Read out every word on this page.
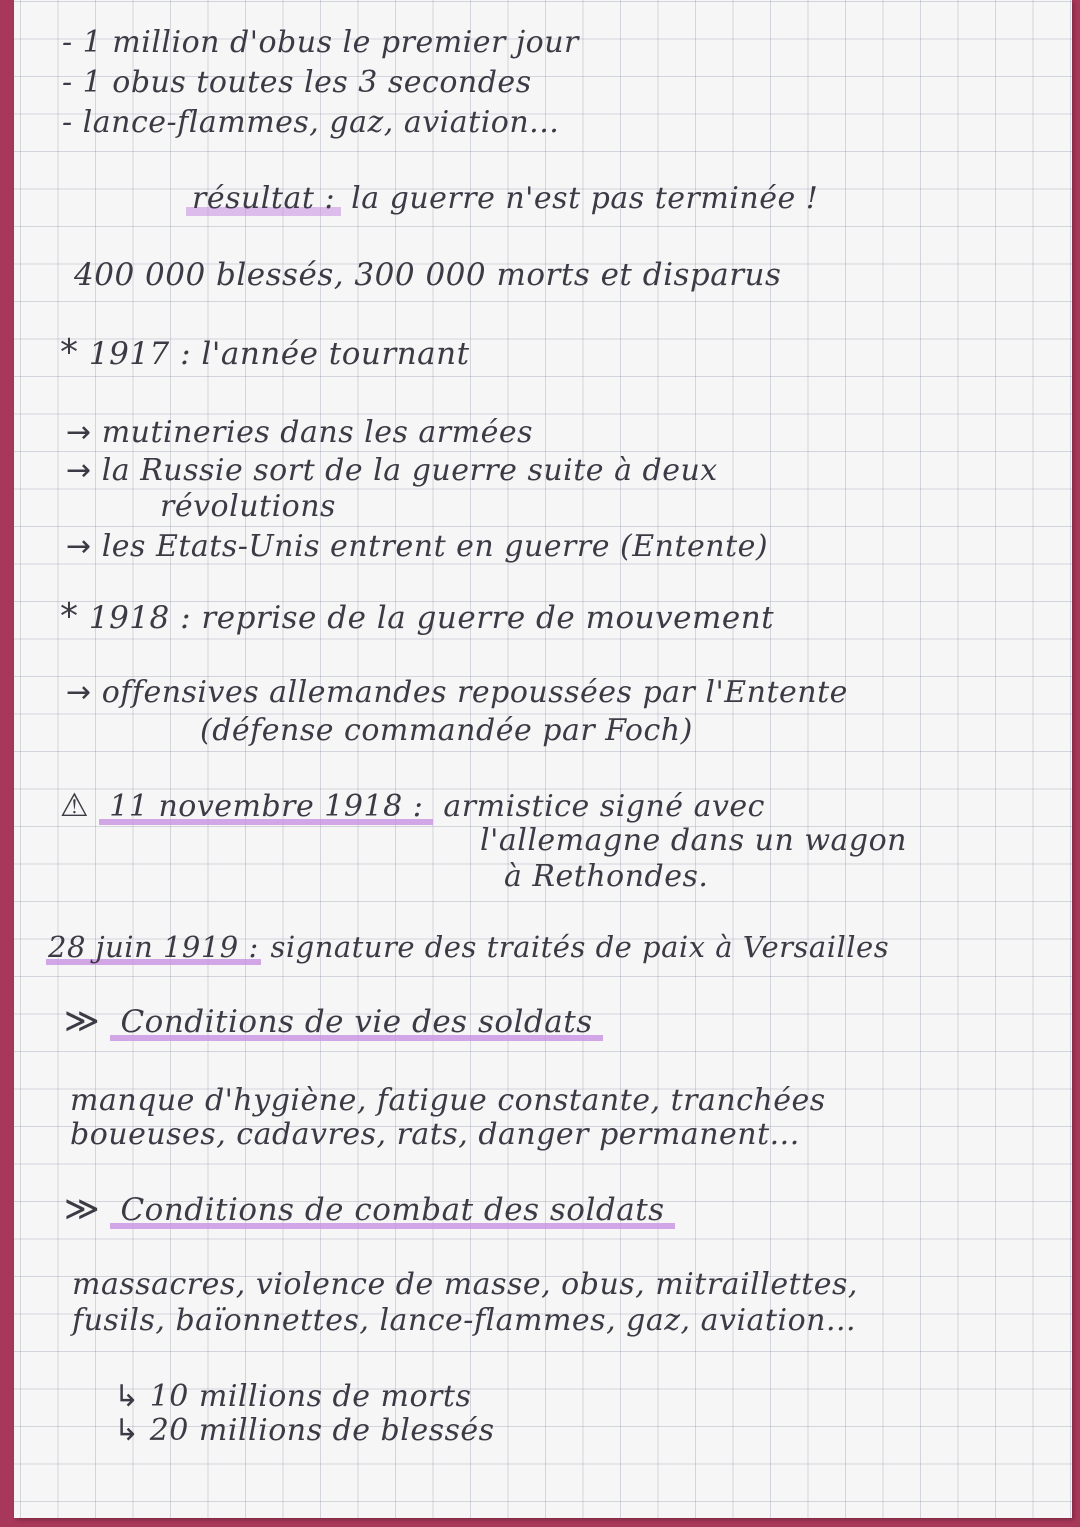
- 1 million d'obus le premier jour

- 1 obus toutes les 3 secondes

- lance-flammes, gaz, aviation...

résultat : la guerre n'est pas terminée !

400 000 blessés, 300 000 morts et disparus

* 1917 : l'année tournant

→ mutineries dans les armées

→ la Russie sort de la guerre suite à deux

révolutions

→ les Etats-Unis entrent en guerre (Entente)

* 1918 : reprise de la guerre de mouvement

→ offensives allemandes repoussées par l'Entente

(défense commandée par Foch)

⚠ 11 novembre 1918 : armistice signé avec

l'allemagne dans un wagon

à Rethondes.

28 juin 1919 : signature des traités de paix à Versailles

≫ Conditions de vie des soldats

manque d'hygiène, fatigue constante, tranchées

boueuses, cadavres, rats, danger permanent...

≫ Conditions de combat des soldats

massacres, violence de masse, obus, mitraillettes,

fusils, baïonnettes, lance-flammes, gaz, aviation...

↳ 10 millions de morts

↳ 20 millions de blessés
